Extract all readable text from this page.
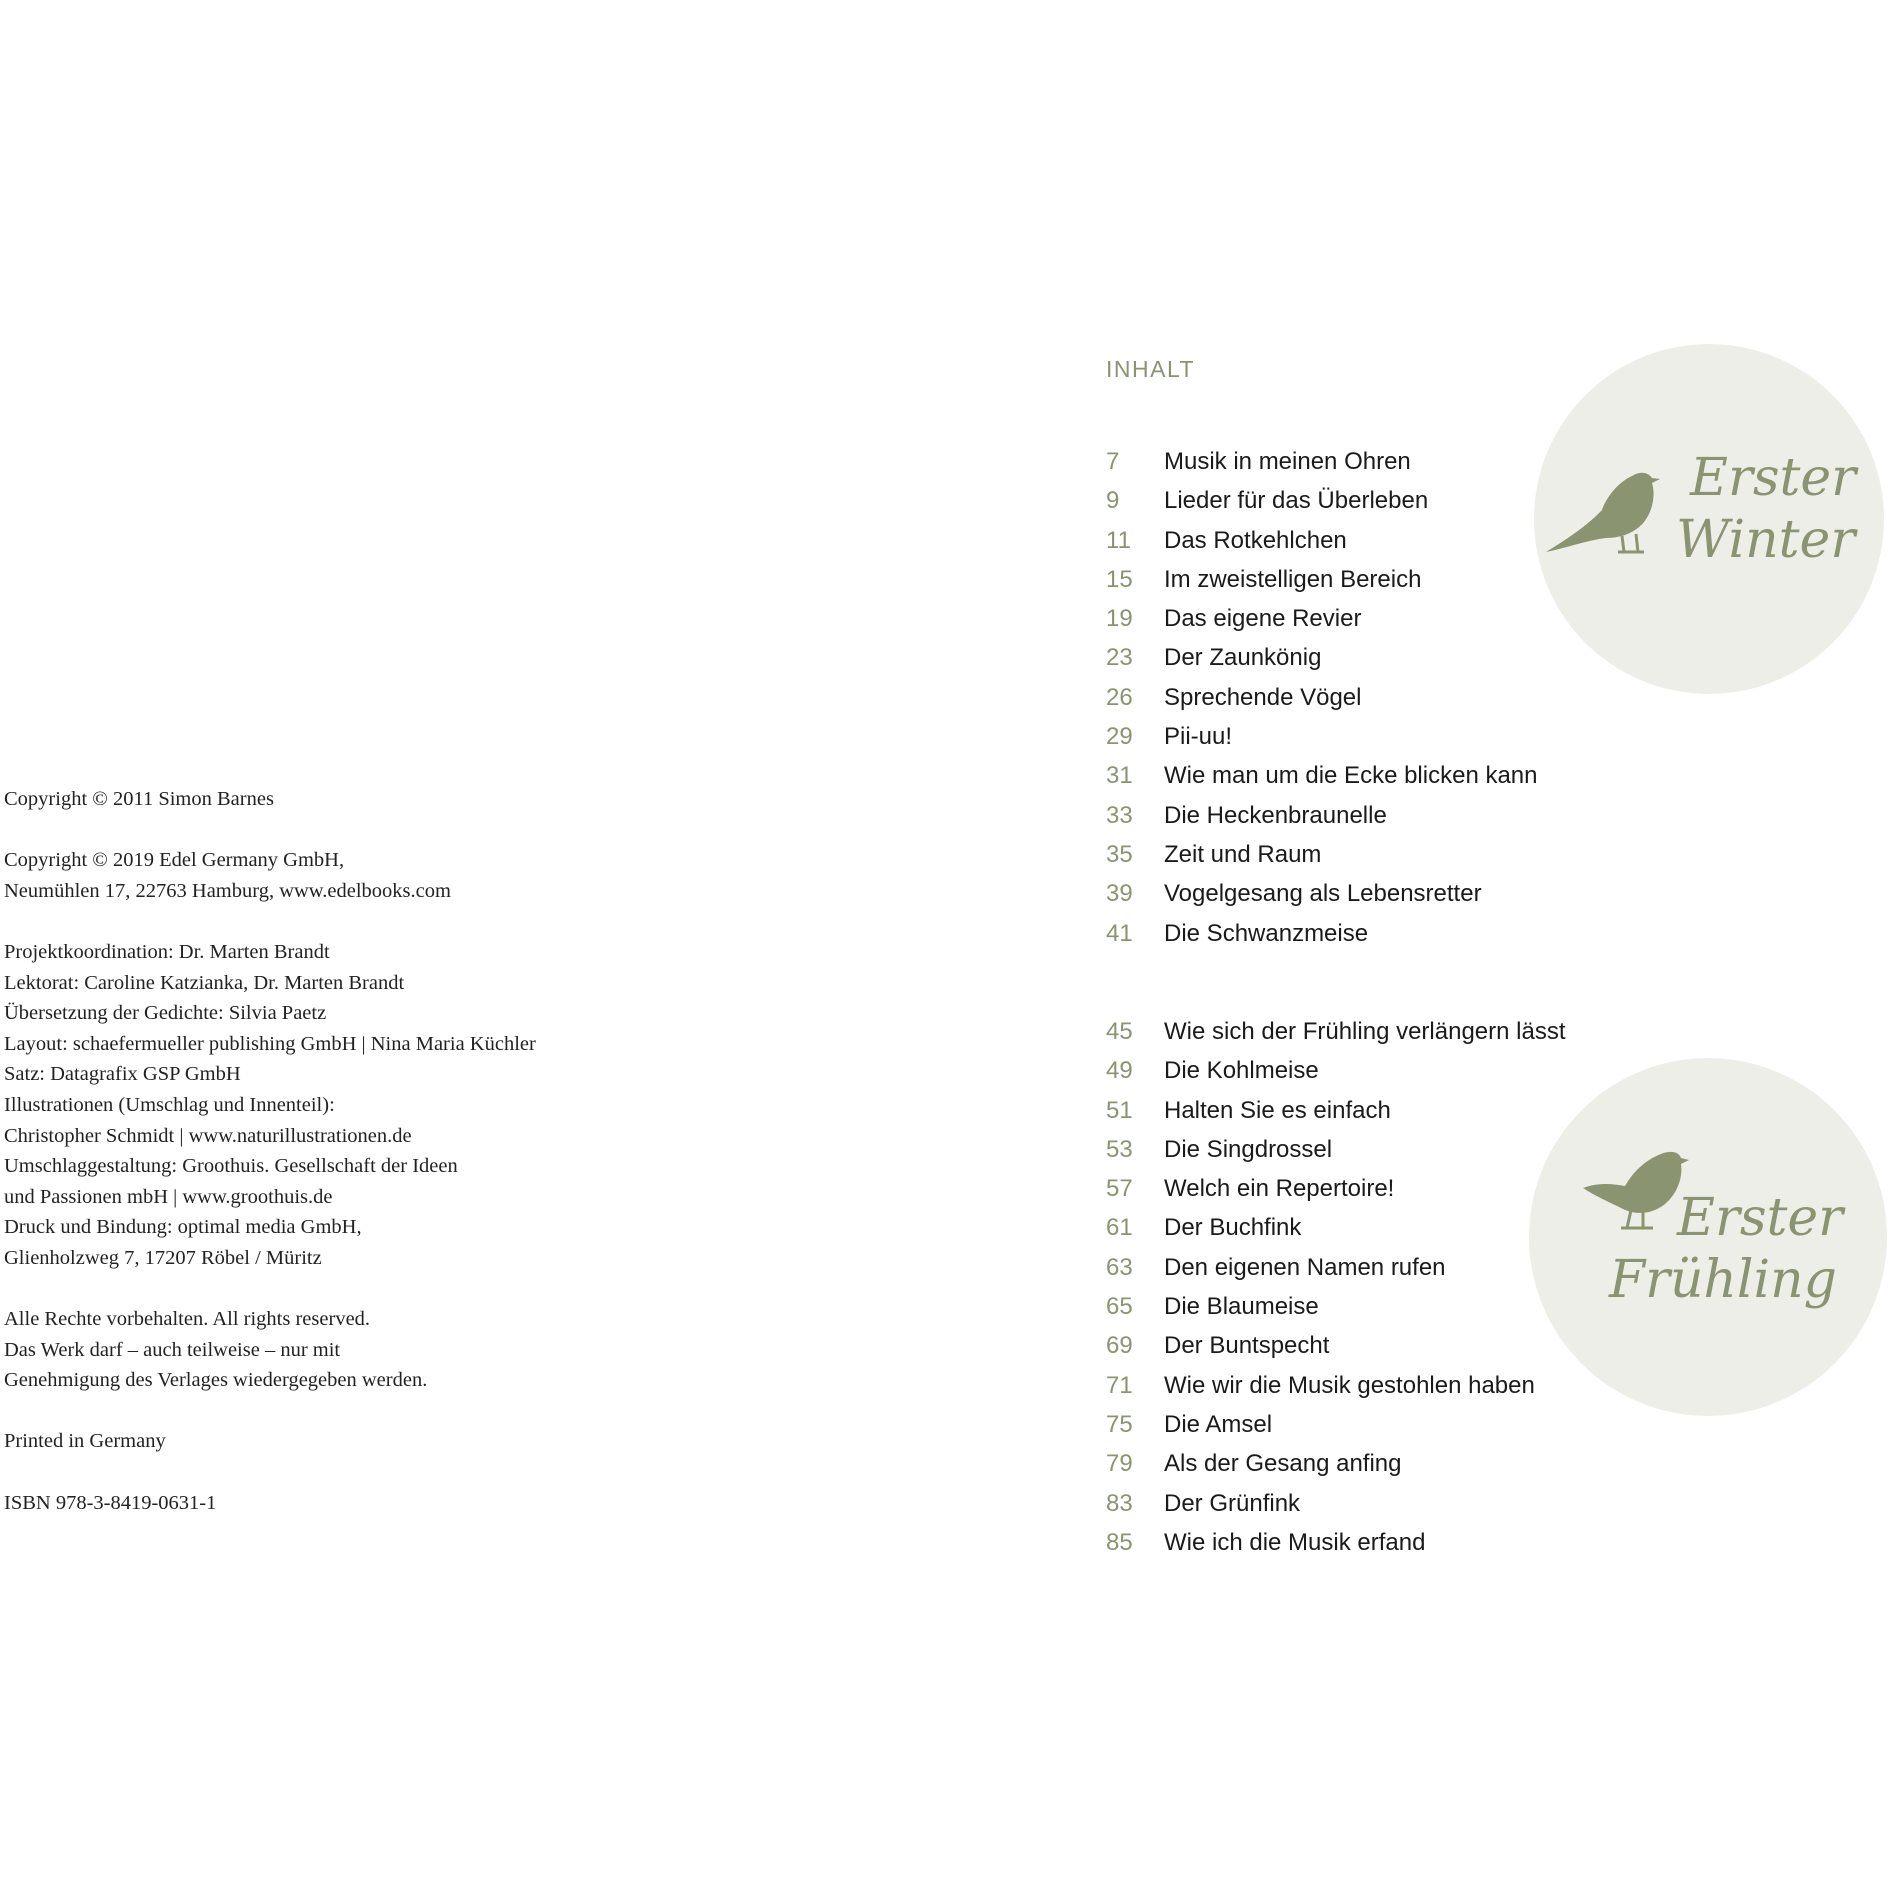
Copyright © 2011 Simon Barnes
Copyright © 2019 Edel Germany GmbH,
Neumühlen 17, 22763 Hamburg, www.edelbooks.com
Projektkoordination: Dr. Marten Brandt
Lektorat: Caroline Katzianka, Dr. Marten Brandt
Übersetzung der Gedichte: Silvia Paetz
Layout: schaefermueller publishing GmbH | Nina Maria Küchler
Satz: Datagrafix GSP GmbH
Illustrationen (Umschlag und Innenteil):
Christopher Schmidt | www.naturillustrationen.de
Umschlaggestaltung: Groothuis. Gesellschaft der Ideen
und Passionen mbH | www.groothuis.de
Druck und Bindung: optimal media GmbH,
Glienholzweg 7, 17207 Röbel / Müritz
Alle Rechte vorbehalten. All rights reserved.
Das Werk darf – auch teilweise – nur mit
Genehmigung des Verlages wiedergegeben werden.
Printed in Germany
ISBN 978-3-8419-0631-1
INHALT
7 Musik in meinen Ohren
9 Lieder für das Überleben
11 Das Rotkehlchen
15 Im zweistelligen Bereich
19 Das eigene Revier
23 Der Zaunkönig
26 Sprechende Vögel
29 Pii-uu!
31 Wie man um die Ecke blicken kann
33 Die Heckenbraunelle
35 Zeit und Raum
39 Vogelgesang als Lebensretter
41 Die Schwanzmeise
45 Wie sich der Frühling verlängern lässt
49 Die Kohlmeise
51 Halten Sie es einfach
53 Die Singdrossel
57 Welch ein Repertoire!
61 Der Buchfink
63 Den eigenen Namen rufen
65 Die Blaumeise
69 Der Buntspecht
71 Wie wir die Musik gestohlen haben
75 Die Amsel
79 Als der Gesang anfing
83 Der Grünfink
85 Wie ich die Musik erfand
Erster
Winter
Erster
Frühling
